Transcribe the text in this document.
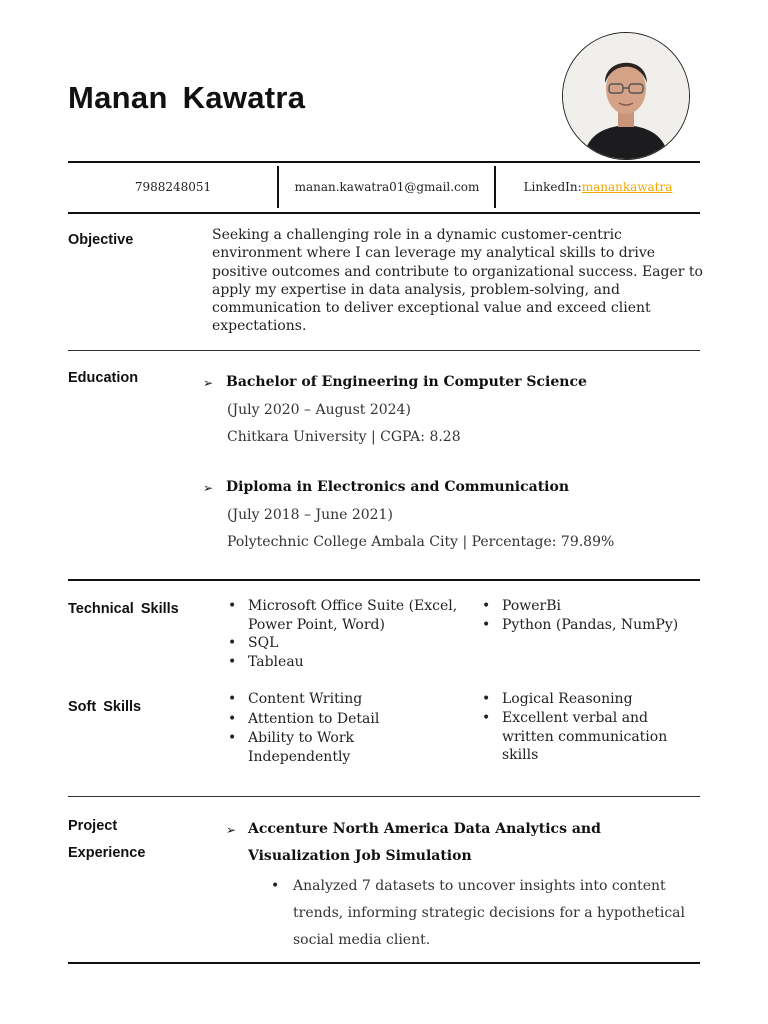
Manan Kawatra
7988248051	manan.kawatra01@gmail.com	LinkedIn: manankawatra
Objective	Seeking a challenging role in a dynamic customer-centric environment where I can leverage my analytical skills to drive positive outcomes and contribute to organizational success. Eager to apply my expertise in data analysis, problem-solving, and communication to deliver exceptional value and exceed client expectations.
Education	➢ Bachelor of Engineering in Computer Science
(July 2020 – August 2024)
Chitkara University | CGPA: 8.28
➢ Diploma in Electronics and Communication
(July 2018 – June 2021)
Polytechnic College Ambala City | Percentage: 79.89%
Technical Skills	• Microsoft Office Suite (Excel, Power Point, Word)
• SQL
• Tableau
• PowerBi
• Python (Pandas, NumPy)
Soft Skills	• Content Writing
• Attention to Detail
• Ability to Work Independently
• Logical Reasoning
• Excellent verbal and written communication skills
Project
Experience
➢ Accenture North America Data Analytics and
Visualization Job Simulation
• Analyzed 7 datasets to uncover insights into content trends, informing strategic decisions for a hypothetical social media client.
